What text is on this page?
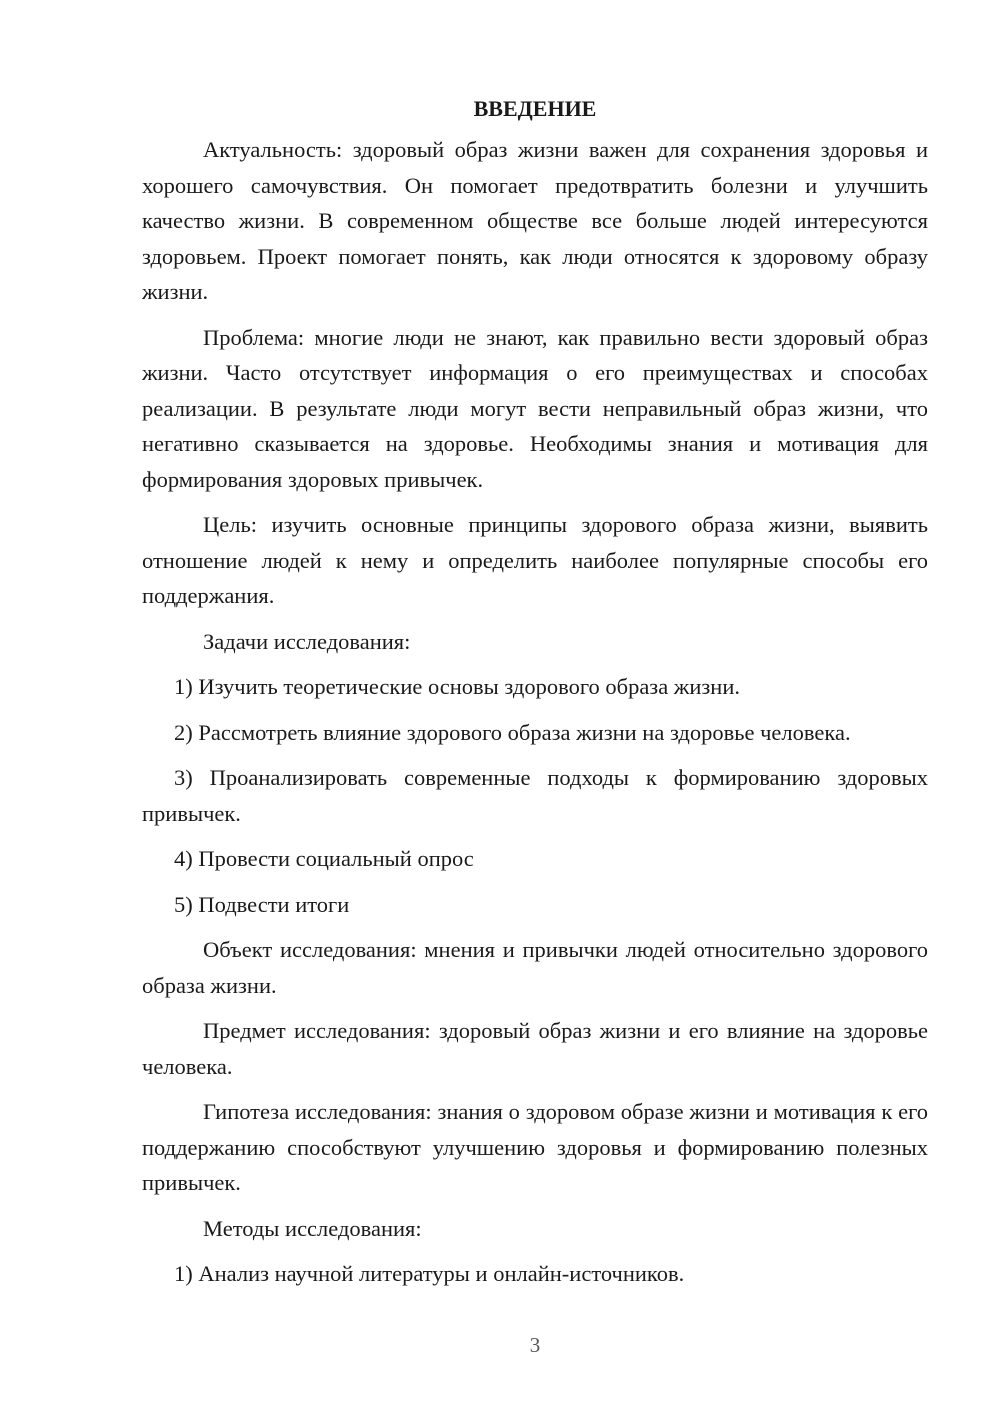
ВВЕДЕНИЕ

Актуальность: здоровый образ жизни важен для сохранения здоровья и хорошего самочувствия. Он помогает предотвратить болезни и улучшить качество жизни. В современном обществе все больше людей интересуются здоровьем. Проект помогает понять, как люди относятся к здоровому образу жизни.

Проблема: многие люди не знают, как правильно вести здоровый образ жизни. Часто отсутствует информация о его преимуществах и способах реализации. В результате люди могут вести неправильный образ жизни, что негативно сказывается на здоровье. Необходимы знания и мотивация для формирования здоровых привычек.

Цель: изучить основные принципы здорового образа жизни, выявить отношение людей к нему и определить наиболее популярные способы его поддержания.

Задачи исследования:

1) Изучить теоретические основы здорового образа жизни.

2) Рассмотреть влияние здорового образа жизни на здоровье человека.

3) Проанализировать современные подходы к формированию здоровых привычек.

4) Провести социальный опрос

5) Подвести итоги

Объект исследования: мнения и привычки людей относительно здорового образа жизни.

Предмет исследования: здоровый образ жизни и его влияние на здоровье человека.

Гипотеза исследования: знания о здоровом образе жизни и мотивация к его поддержанию способствуют улучшению здоровья и формированию полезных привычек.

Методы исследования:

1) Анализ научной литературы и онлайн-источников.

3
